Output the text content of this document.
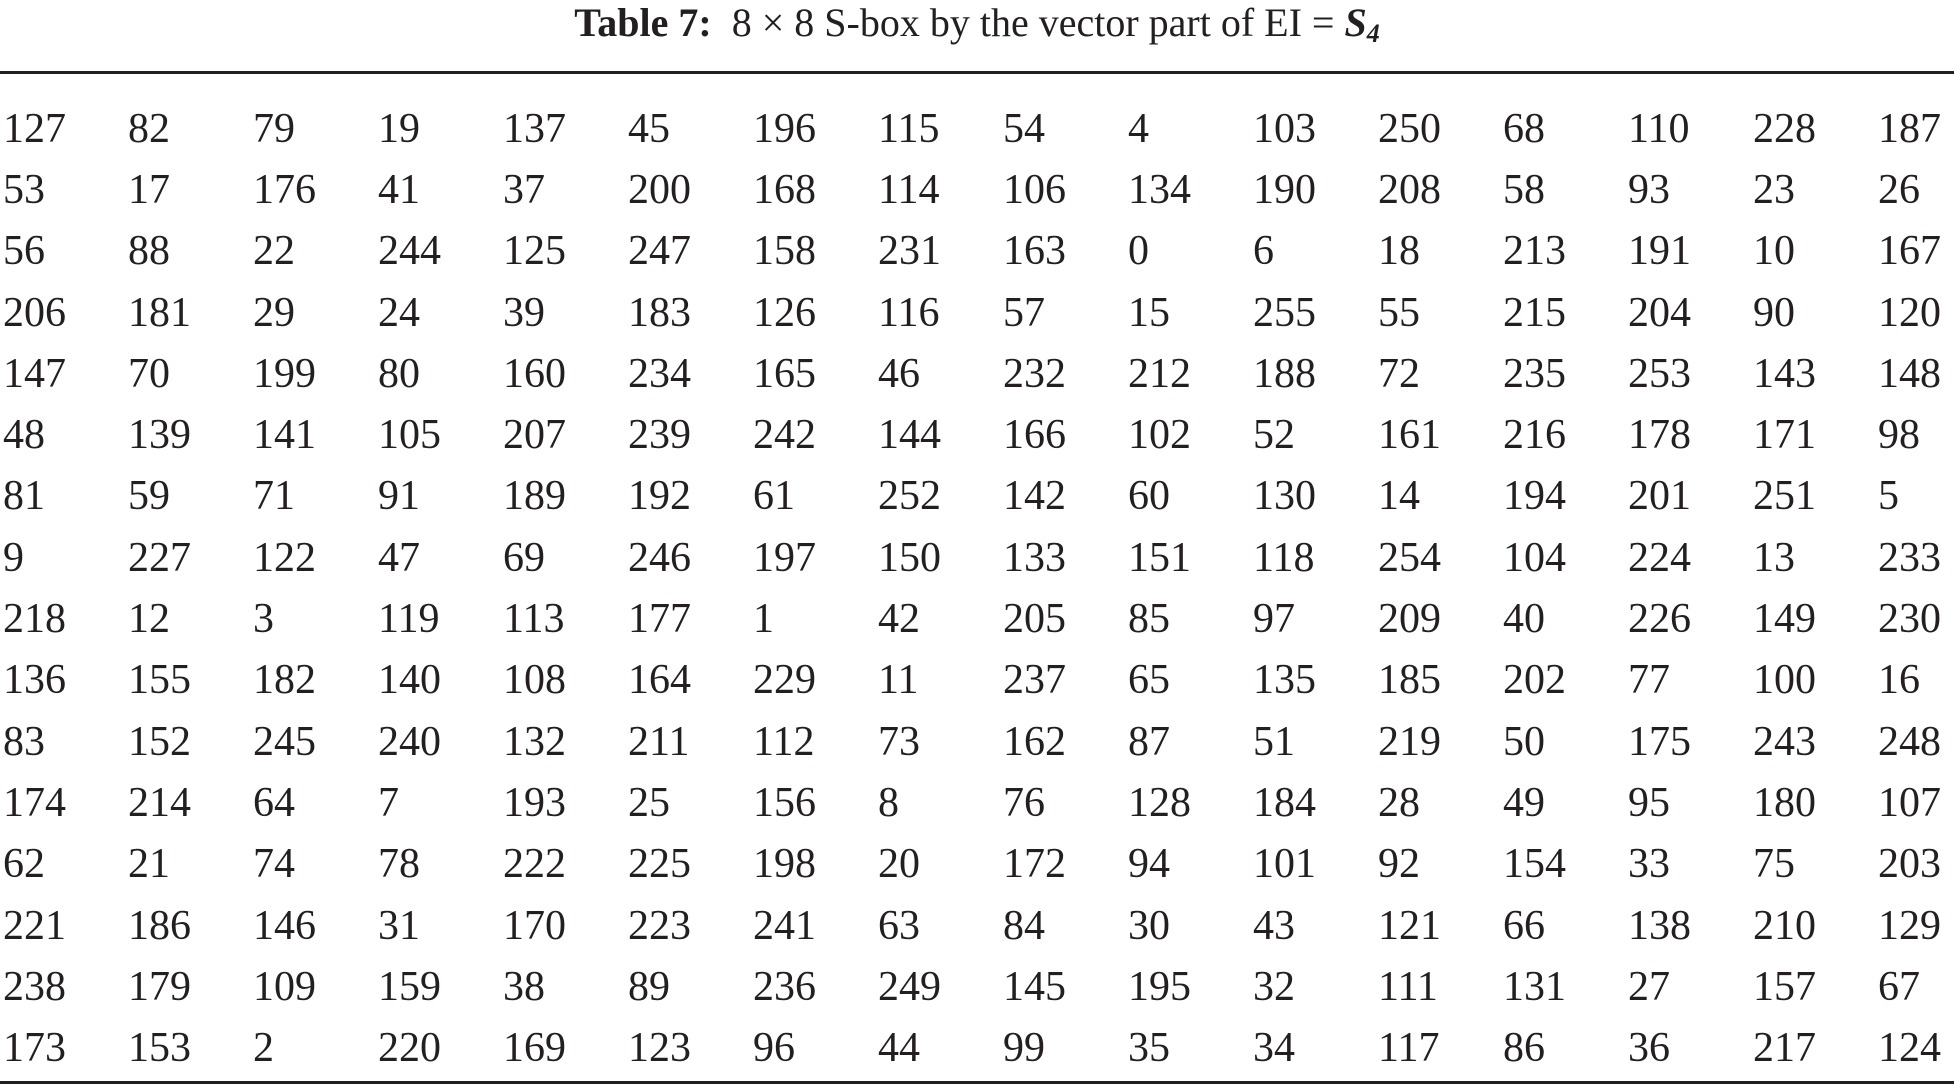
Table 7: 8 × 8 S-box by the vector part of EI = $S_4$
127	82	79	19	137	45	196	115	54	4	103	250	68	110	228	187
53	17	176	41	37	200	168	114	106	134	190	208	58	93	23	26
56	88	22	244	125	247	158	231	163	0	6	18	213	191	10	167
206	181	29	24	39	183	126	116	57	15	255	55	215	204	90	120
147	70	199	80	160	234	165	46	232	212	188	72	235	253	143	148
48	139	141	105	207	239	242	144	166	102	52	161	216	178	171	98
81	59	71	91	189	192	61	252	142	60	130	14	194	201	251	5
9	227	122	47	69	246	197	150	133	151	118	254	104	224	13	233
218	12	3	119	113	177	1	42	205	85	97	209	40	226	149	230
136	155	182	140	108	164	229	11	237	65	135	185	202	77	100	16
83	152	245	240	132	211	112	73	162	87	51	219	50	175	243	248
174	214	64	7	193	25	156	8	76	128	184	28	49	95	180	107
62	21	74	78	222	225	198	20	172	94	101	92	154	33	75	203
221	186	146	31	170	223	241	63	84	30	43	121	66	138	210	129
238	179	109	159	38	89	236	249	145	195	32	111	131	27	157	67
173	153	2	220	169	123	96	44	99	35	34	117	86	36	217	124
